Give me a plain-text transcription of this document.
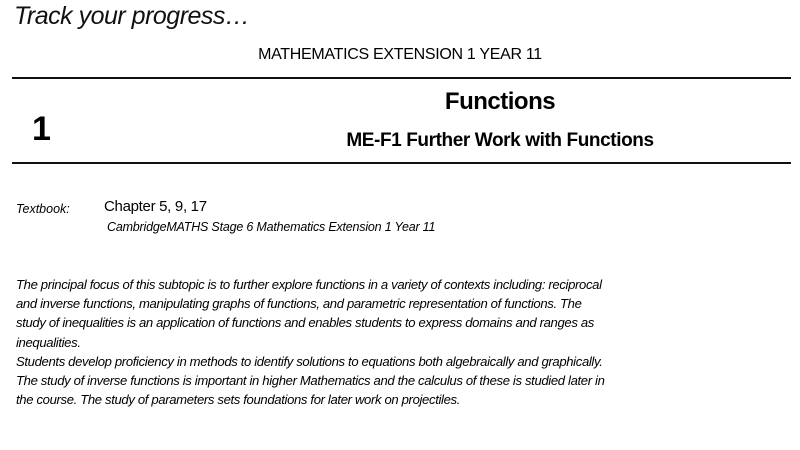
Track your progress…
MATHEMATICS EXTENSION 1 YEAR 11
1
Functions
ME-F1 Further Work with Functions
Textbook: Chapter 5, 9, 17
CambridgeMATHS Stage 6 Mathematics Extension 1 Year 11
The principal focus of this subtopic is to further explore functions in a variety of contexts including: reciprocal
and inverse functions, manipulating graphs of functions, and parametric representation of functions. The
study of inequalities is an application of functions and enables students to express domains and ranges as
inequalities.
Students develop proficiency in methods to identify solutions to equations both algebraically and graphically.
The study of inverse functions is important in higher Mathematics and the calculus of these is studied later in
the course. The study of parameters sets foundations for later work on projectiles.
